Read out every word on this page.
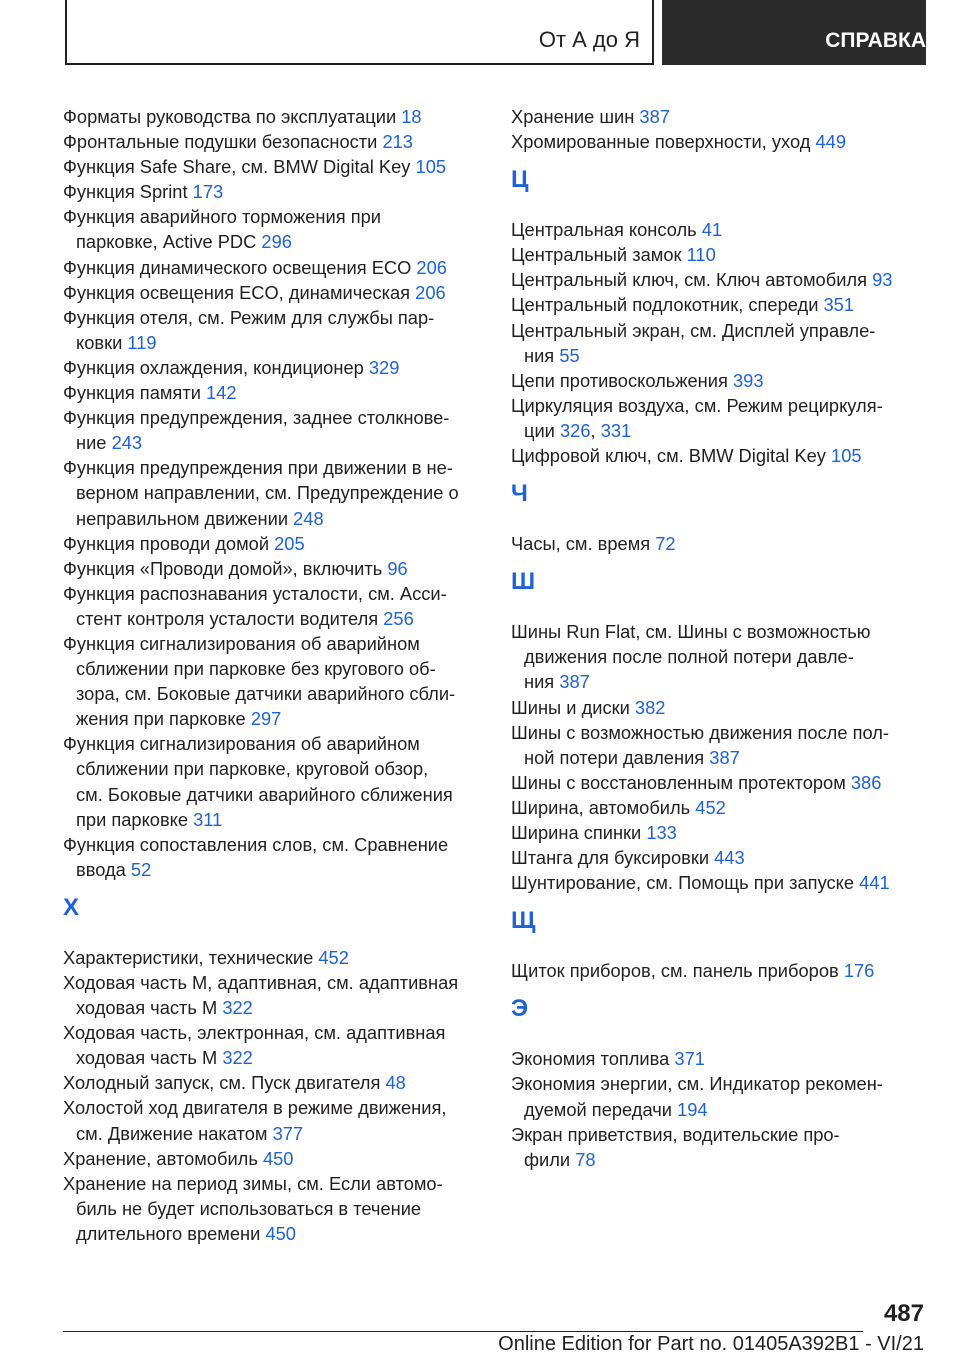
От А до Я	СПРАВКА
Форматы руководства по эксплуатации 18
Фронтальные подушки безопасности 213
Функция Safe Share, см. BMW Digital Key 105
Функция Sprint 173
Функция аварийного торможения при
парковке, Active PDC 296
Функция динамического освещения ECO 206
Функция освещения ECO, динамическая 206
Функция отеля, см. Режим для службы пар-
ковки 119
Функция охлаждения, кондиционер 329
Функция памяти 142
Функция предупреждения, заднее столкнове-
ние 243
Функция предупреждения при движении в не-
верном направлении, см. Предупреждение о
неправильном движении 248
Функция проводи домой 205
Функция «Проводи домой», включить 96
Функция распознавания усталости, см. Асси-
стент контроля усталости водителя 256
Функция сигнализирования об аварийном
сближении при парковке без кругового об-
зора, см. Боковые датчики аварийного сбли-
жения при парковке 297
Функция сигнализирования об аварийном
сближении при парковке, круговой обзор,
см. Боковые датчики аварийного сближения
при парковке 311
Функция сопоставления слов, см. Сравнение
ввода 52
Х
Характеристики, технические 452
Ходовая часть M, адаптивная, см. адаптивная
ходовая часть M 322
Ходовая часть, электронная, см. адаптивная
ходовая часть M 322
Холодный запуск, см. Пуск двигателя 48
Холостой ход двигателя в режиме движения,
см. Движение накатом 377
Хранение, автомобиль 450
Хранение на период зимы, см. Если автомо-
биль не будет использоваться в течение
длительного времени 450
Хранение шин 387
Хромированные поверхности, уход 449
Ц
Центральная консоль 41
Центральный замок 110
Центральный ключ, см. Ключ автомобиля 93
Центральный подлокотник, спереди 351
Центральный экран, см. Дисплей управле-
ния 55
Цепи противоскольжения 393
Циркуляция воздуха, см. Режим рециркуля-
ции 326, 331
Цифровой ключ, см. BMW Digital Key 105
Ч
Часы, см. время 72
Ш
Шины Run Flat, см. Шины с возможностью
движения после полной потери давле-
ния 387
Шины и диски 382
Шины с возможностью движения после пол-
ной потери давления 387
Шины с восстановленным протектором 386
Ширина, автомобиль 452
Ширина спинки 133
Штанга для буксировки 443
Шунтирование, см. Помощь при запуске 441
Щ
Щиток приборов, см. панель приборов 176
Э
Экономия топлива 371
Экономия энергии, см. Индикатор рекомен-
дуемой передачи 194
Экран приветствия, водительские про-
фили 78
487
Online Edition for Part no. 01405A392B1 - VI/21
